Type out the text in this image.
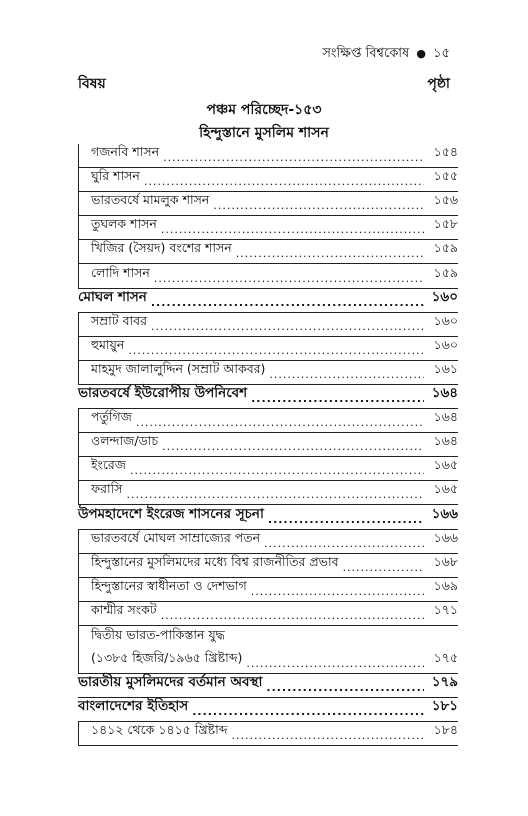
সংক্ষিপ্ত বিশ্বকোষ ● ১৫
বিষয়	পৃষ্ঠা
পঞ্চম পরিচ্ছেদ-১৫৩
হিন্দুস্তানে মুসলিম শাসন
গজনবি শাসন .....	১৫৪
ঘুরি শাসন .....	১৫৫
ভারতবর্ষে মামলুক শাসন .....	১৫৬
তুঘলক শাসন .....	১৫৮
খিজির (সৈয়দ) বংশের শাসন .....	১৫৯
লোদি শাসন .....	১৫৯
মোঘল শাসন .....	১৬০
সম্রাট বাবর .....	১৬০
হুমায়ুন .....	১৬০
মাহমুদ জালালুদ্দিন (সম্রাট আকবর) .....	১৬১
ভারতবর্ষে ইউরোপীয় উপনিবেশ .....	১৬৪
পর্তুগিজ .....	১৬৪
ওলন্দাজ/ডাচ .....	১৬৪
ইংরেজ .....	১৬৫
ফরাসি .....	১৬৫
উপমহাদেশে ইংরেজ শাসনের সূচনা .....	১৬৬
ভারতবর্ষে মোঘল সাম্রাজ্যের পতন .....	১৬৬
হিন্দুস্তানের মুসলিমদের মধ্যে বিশ্ব রাজনীতির প্রভাব .....	১৬৮
হিন্দুস্তানের স্বাধীনতা ও দেশভাগ .....	১৬৯
কাশ্মীর সংকট .....	১৭১
দ্বিতীয় ভারত-পাকিস্তান যুদ্ধ
(১৩৮৫ হিজরি/১৯৬৫ খ্রিষ্টাব্দ) .....	১৭৫
ভারতীয় মুসলিমদের বর্তমান অবস্থা .....	১৭৯
বাংলাদেশের ইতিহাস .....	১৮১
১৪১২ থেকে ১৪১৫ খ্রিষ্টাব্দ .....	১৮৪
